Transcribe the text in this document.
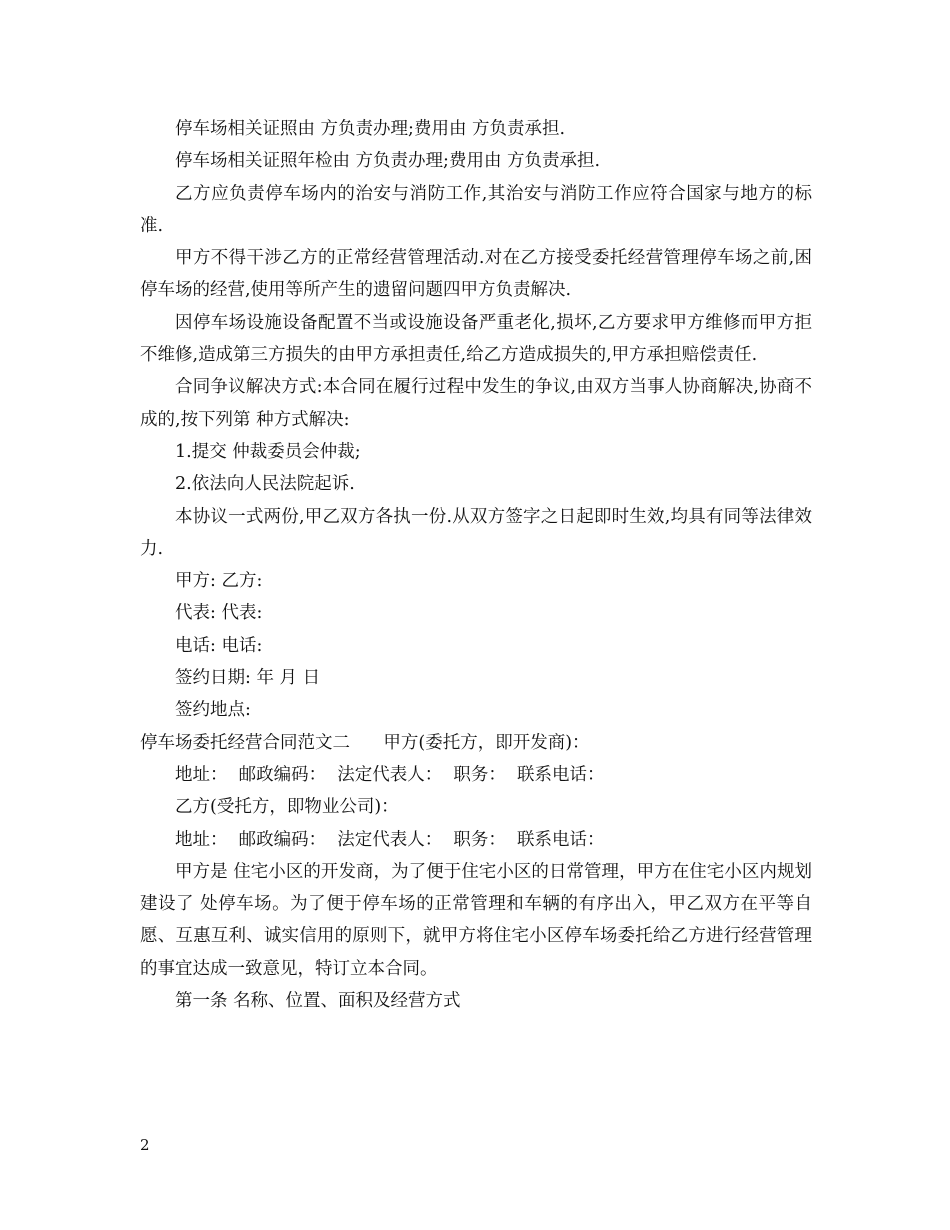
停车场相关证照由 方负责办理;费用由 方负责承担.

停车场相关证照年检由 方负责办理;费用由 方负责承担.

乙方应负责停车场内的治安与消防工作,其治安与消防工作应符合国家与地方的标准.

甲方不得干涉乙方的正常经营管理活动.对在乙方接受委托经营管理停车场之前,困停车场的经营,使用等所产生的遗留问题四甲方负责解决.

因停车场设施设备配置不当或设施设备严重老化,损坏,乙方要求甲方维修而甲方拒不维修,造成第三方损失的由甲方承担责任,给乙方造成损失的,甲方承担赔偿责任.

合同争议解决方式:本合同在履行过程中发生的争议,由双方当事人协商解决,协商不成的,按下列第 种方式解决:

1.提交 仲裁委员会仲裁;

2.依法向人民法院起诉.

本协议一式两份,甲乙双方各执一份.从双方签字之日起即时生效,均具有同等法律效力.

甲方: 乙方:

代表: 代表:

电话: 电话:

签约日期: 年 月 日

签约地点:

停车场委托经营合同范文二      甲方(委托方，即开发商)：

地址：  邮政编码：  法定代表人：  职务：  联系电话：

乙方(受托方，即物业公司)：

地址：  邮政编码：  法定代表人：  职务：  联系电话：

甲方是 住宅小区的开发商，为了便于住宅小区的日常管理，甲方在住宅小区内规划建设了 处停车场。为了便于停车场的正常管理和车辆的有序出入，甲乙双方在平等自愿、互惠互利、诚实信用的原则下，就甲方将住宅小区停车场委托给乙方进行经营管理的事宜达成一致意见，特订立本合同。

第一条 名称、位置、面积及经营方式

2
